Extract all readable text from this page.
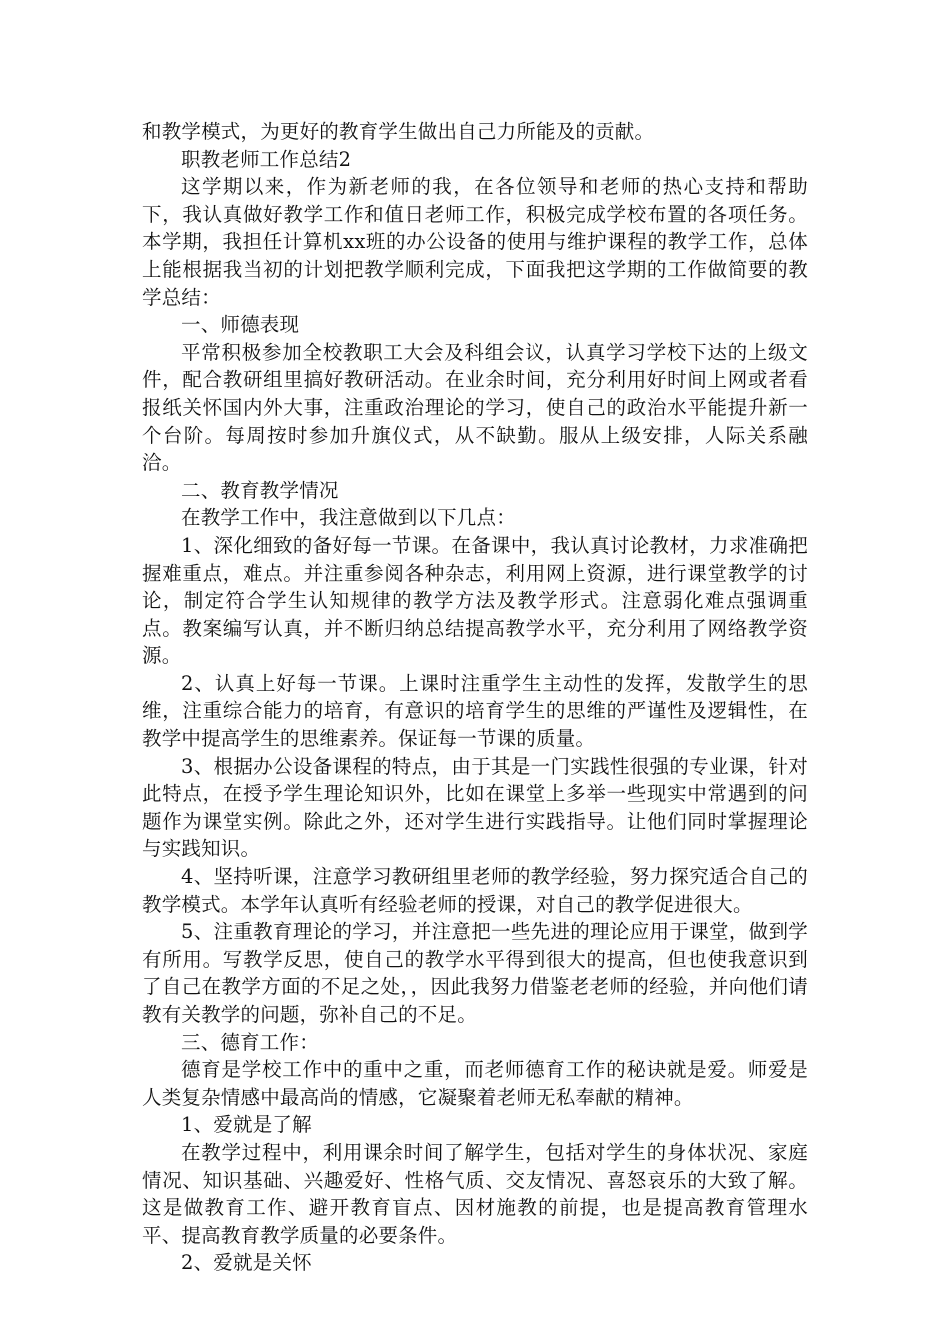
和教学模式，为更好的教育学生做出自己力所能及的贡献。

职教老师工作总结2

这学期以来，作为新老师的我，在各位领导和老师的热心支持和帮助下，我认真做好教学工作和值日老师工作，积极完成学校布置的各项任务。本学期，我担任计算机xx班的办公设备的使用与维护课程的教学工作，总体上能根据我当初的计划把教学顺利完成，下面我把这学期的工作做简要的教学总结：

一、师德表现

平常积极参加全校教职工大会及科组会议，认真学习学校下达的上级文件，配合教研组里搞好教研活动。在业余时间，充分利用好时间上网或者看报纸关怀国内外大事，注重政治理论的学习，使自己的政治水平能提升新一个台阶。每周按时参加升旗仪式，从不缺勤。服从上级安排，人际关系融洽。

二、教育教学情况

在教学工作中，我注意做到以下几点：

1、深化细致的备好每一节课。在备课中，我认真讨论教材，力求准确把握难重点，难点。并注重参阅各种杂志，利用网上资源，进行课堂教学的讨论，制定符合学生认知规律的教学方法及教学形式。注意弱化难点强调重点。教案编写认真，并不断归纳总结提高教学水平，充分利用了网络教学资源。

2、认真上好每一节课。上课时注重学生主动性的发挥，发散学生的思维，注重综合能力的培育，有意识的培育学生的思维的严谨性及逻辑性，在教学中提高学生的思维素养。保证每一节课的质量。

3、根据办公设备课程的特点，由于其是一门实践性很强的专业课，针对此特点，在授予学生理论知识外，比如在课堂上多举一些现实中常遇到的问题作为课堂实例。除此之外，还对学生进行实践指导。让他们同时掌握理论与实践知识。

4、坚持听课，注意学习教研组里老师的教学经验，努力探究适合自己的教学模式。本学年认真听有经验老师的授课，对自己的教学促进很大。

5、注重教育理论的学习，并注意把一些先进的理论应用于课堂，做到学有所用。写教学反思，使自己的教学水平得到很大的提高，但也使我意识到了自己在教学方面的不足之处，，因此我努力借鉴老老师的经验，并向他们请教有关教学的问题，弥补自己的不足。

三、德育工作：

德育是学校工作中的重中之重，而老师德育工作的秘诀就是爱。师爱是人类复杂情感中最高尚的情感，它凝聚着老师无私奉献的精神。

1、爱就是了解

在教学过程中，利用课余时间了解学生，包括对学生的身体状况、家庭情况、知识基础、兴趣爱好、性格气质、交友情况、喜怒哀乐的大致了解。这是做教育工作、避开教育盲点、因材施教的前提，也是提高教育管理水平、提高教育教学质量的必要条件。

2、爱就是关怀
